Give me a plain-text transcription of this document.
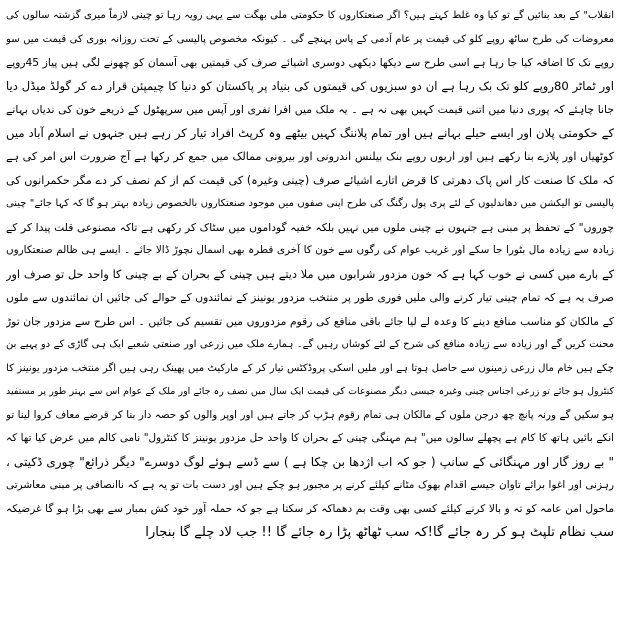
انقلاب" کے بعد بنائیں گے تو کیا وہ غلط کہتے ہیں؟ اگر صنعتکاروں کا حکومتی ملی بھگت سے یہی رویہ رہا تو چینی لازماً میری گزشتہ سالوں کی
معروضات کی طرح ساٹھ روپے کلو کی قیمت پر عام آدمی کے پاس پہنچے گی ۔ کیونکہ مخصوص پالیسی کے تحت روزانہ بوری کی قیمت میں سو
روپے تک کا اضافہ کیا جا رہا ہے اسی طرح سے دیکھا دیکھی دوسری اشیائے صرف کی قیمتیں بھی آسمان کو چھونے لگی ہیں پیاز 45روپے
اور ٹماٹر 80روپے کلو تک بک رہا ہے ان دو سبزیوں کی قیمتوں کی بنیاد پر پاکستان کو دنیا کا چیمپئن قرار دے کر گولڈ میڈل دیا
جانا چاہئے کہ پوری دنیا میں اتنی قیمت کہیں بھی نہ ہے ۔ یہ ملک میں افرا تفری اور آپس میں سرپھٹول کے ذریعے خون کی ندیاں بہانے
کے حکومتی پلان اور ایسے حیلے بہانے ہیں اور تمام پلاننگ کہیں بیٹھے وہ کرپٹ افراد تیار کر رہے ہیں جنہوں نے اسلام آباد میں
کوٹھیاں اور پلازے بنا رکھے ہیں اور اربوں روپے بنک بیلنس اندرونی اور بیرونی ممالک میں جمع کر رکھا ہے آج ضرورت اس امر کی ہے
کہ ملک کا صنعت کار اس پاک دھرتی کا قرض اتارے اشیائے صرف (چینی وغیرہ) کی قیمت کم از کم نصف کر دے مگر حکمرانوں کی
پالیسی تو الیکشن میں دھاندلیوں کے لئے پری پول رگنگ کی طرح اپنی صفوں میں موجود صنعتکاروں بالخصوص زیادہ بہتر ہو گا کہ کہا جائے" چینی
چوروں" کے تحفظ پر مبنی ہے جنہوں نے چینی ملوں میں نہیں بلکہ خفیہ گوداموں میں سٹاک کر رکھی ہے تاکہ مصنوعی قلت پیدا کر کے
زیادہ سے زیادہ مال بٹورا جا سکے اور غریب عوام کی رگوں سے خون کا آخری قطرہ بھی اسمال نچوڑ ڈالا جائے ۔ ایسے ہی ظالم صنعتکاروں
کے بارے میں کسی نے خوب کہا ہے کہ خون مزدور شرابوں میں ملا دیتے ہیں چینی کے بحران کے بے چینی کا واحد حل تو صرف اور
صرف یہ ہے کہ تمام چینی تیار کرنے والی ملیں فوری طور پر منتخب مزدور یونینز کے نمائندوں کے حوالے کی جائیں ان نمائندوں سے ملوں
کے مالکان کو مناسب منافع دینے کا وعدہ لے لیا جائے باقی منافع کی رقوم مزدوروں میں تقسیم کی جائیں ۔ اس طرح سے مزدور جان توڑ
محنت کریں گے اور زیادہ سے زیادہ منافع کی شرح کے لئے کوشاں رہیں گے۔ ہمارے ملک میں زرعی اور صنعتی شعبے ایک ہی گاڑی کے دو پہیے بن
چکے ہیں خام مال زرعی زمینوں سے حاصل ہوتا ہے اور ملیں اسکی پروڈکٹس تیار کر کے مارکیٹ میں پھینک رہی ہیں اگر منتخب مزدور یونینز کا
کنٹرول ہو جائے تو زرعی اجناس چینی وغیرہ جیسی دیگر مصنوعات کی قیمت ایک سال میں نصف رہ جائے اور ملک کے عوام اس سے بہتر طور پر مستفید
ہو سکیں گے ورنہ پانچ چھ درجن ملوں کے مالکان ہی تمام رقوم ہڑپ کر جاتے ہیں اور اوپر والوں کو حصہ دار بنا کر قرضے معاف کروا لینا تو
انکے بائیں ہاتھ کا کام ہے پچھلے سالوں میں" ہم مہنگی چینی کے بحران کا واحد حل مزدور یونینز کا کنٹرول" نامی کالم میں عرض کیا تھا کہ
" بے روز گار اور مہنگائی کے سانپ ( جو کہ اب اژدھا بن چکا ہے ) سے ڈسے ہوئے لوگ دوسرے" دیگر ذرائع" چوری ڈکیتی ،
رہزنی اور اغوا برائے تاوان جیسے اقدام بھوک مٹانے کیلئے کرنے پر مجبور ہو چکے ہیں اور دست بات تو یہ ہے کہ ناانصافی پر مبنی معاشرتی
ماحول امن عامہ کو تہ و بالا کرنے کیلئے کسی بھی وقت بم دھماکہ کر سکتا ہے جو کہ حملہ آور خود کش بمبار سے بھی بڑا ہو گا غرضیکہ
سب نظام تلپٹ ہو کر رہ جائے گا!کہ سب ٹھاٹھ پڑا رہ جائے گا !! جب لاد چلے گا بنجارا
